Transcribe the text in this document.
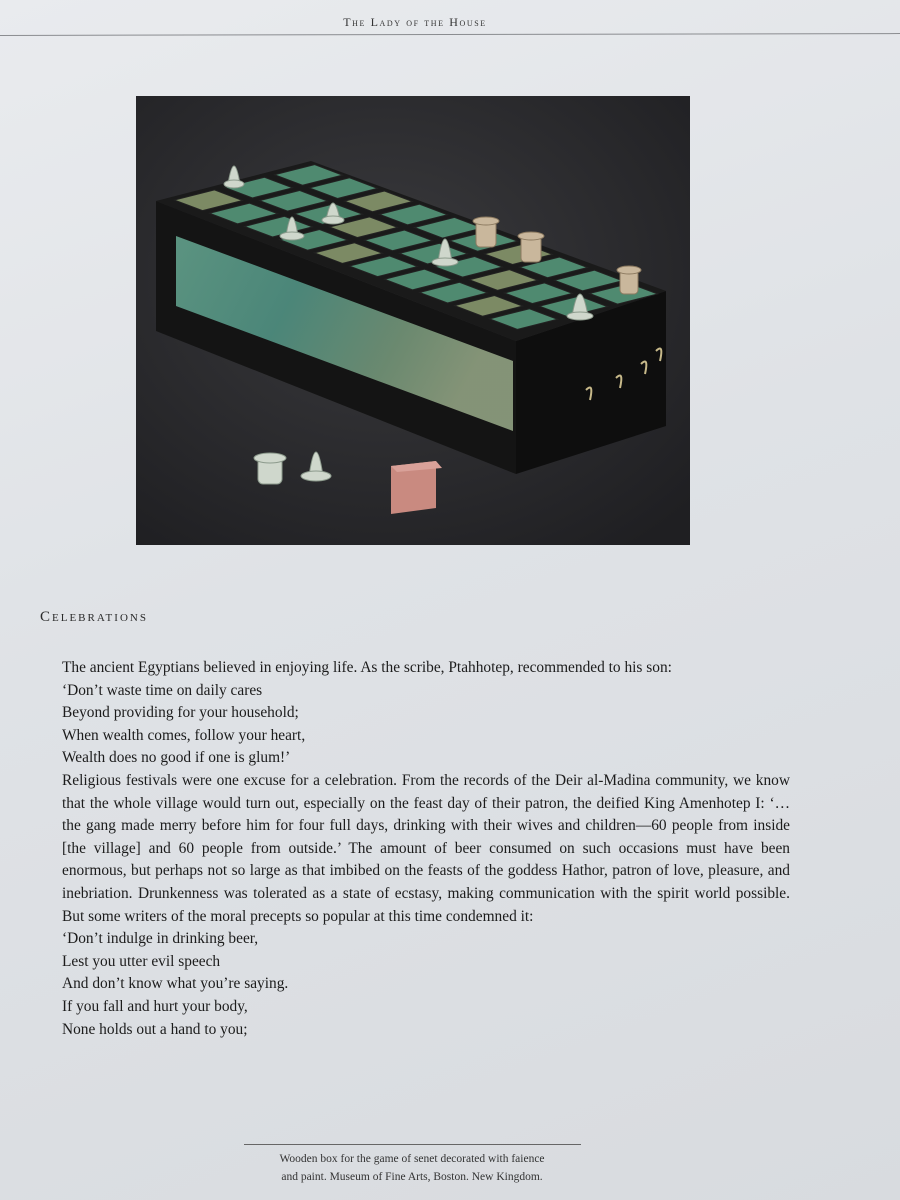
The Lady of the House
Celebrations

The ancient Egyptians believed in enjoying life. As the scribe, Ptahhotep, recommended to his son:

‘Don’t waste time on daily cares

Beyond providing for your household;

When wealth comes, follow your heart,

Wealth does no good if one is glum!’

Religious festivals were one excuse for a celebration. From the records of the Deir al-Madina community, we know that the whole village would turn out, especially on the feast day of their patron, the deified King Amenhotep I: ‘…the gang made merry before him for four full days, drinking with their wives and children—60 people from inside [the village] and 60 people from outside.’ The amount of beer consumed on such occasions must have been enormous, but perhaps not so large as that imbibed on the feasts of the goddess Hathor, patron of love, pleasure, and inebriation. Drunkenness was tolerated as a state of ecstasy, making communication with the spirit world possible. But some writers of the moral precepts so popular at this time condemned it:

‘Don’t indulge in drinking beer,

Lest you utter evil speech

And don’t know what you’re saying.

If you fall and hurt your body,

None holds out a hand to you;

Wooden box for the game of senet decorated with faience
and paint. Museum of Fine Arts, Boston. New Kingdom.
